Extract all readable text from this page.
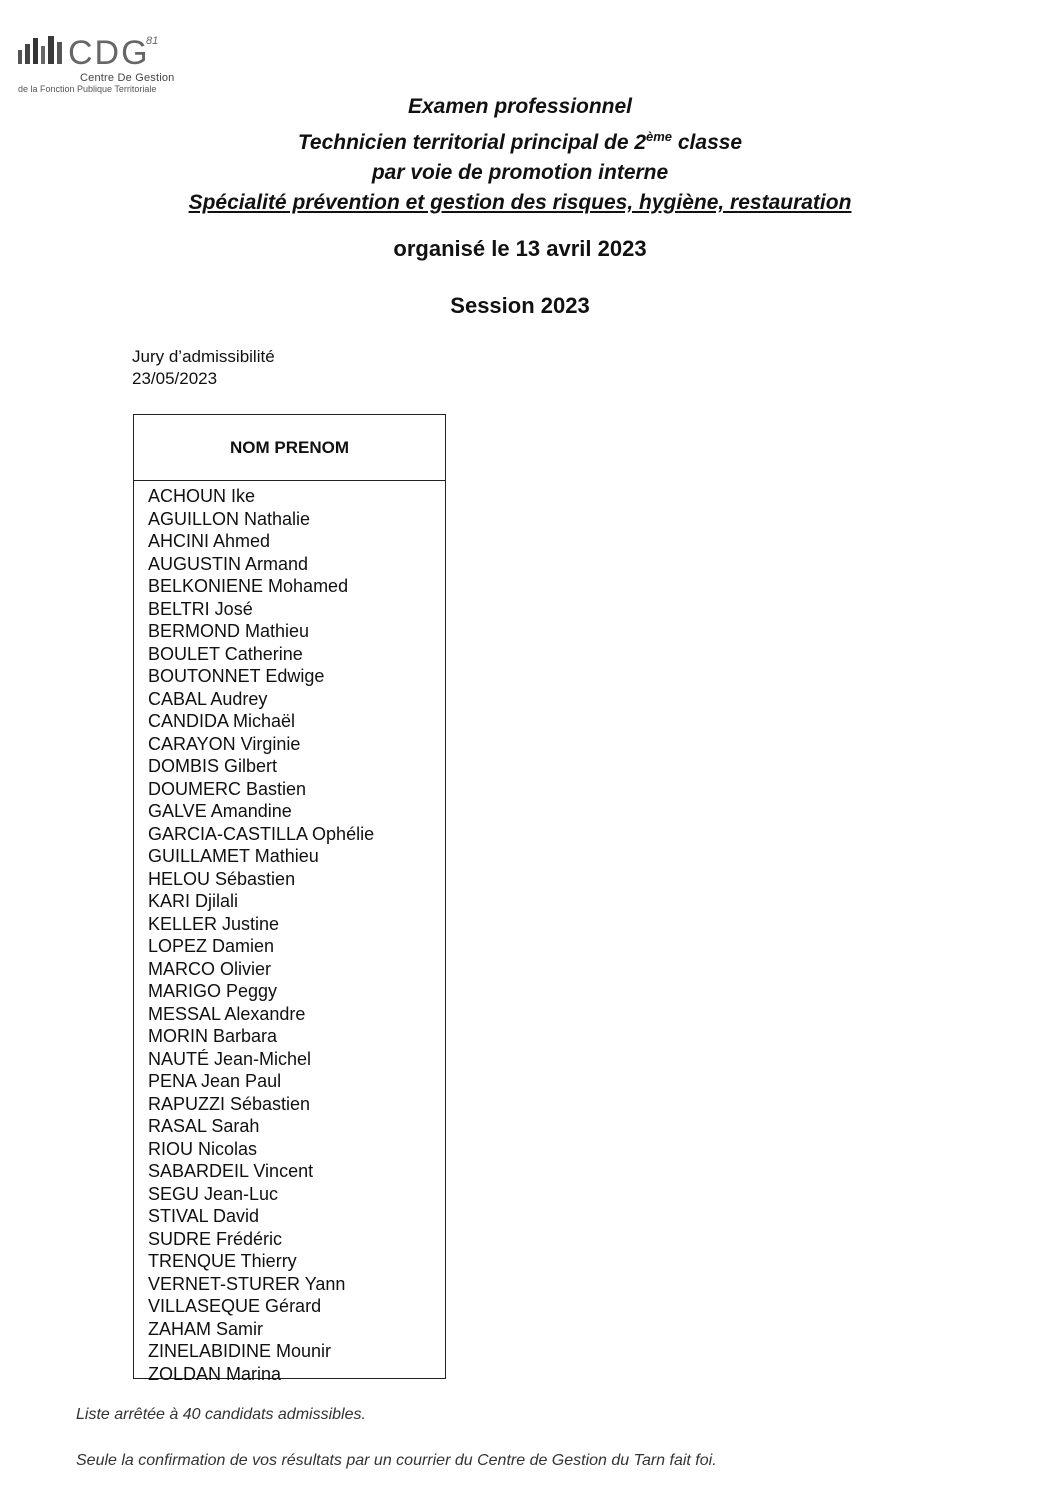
CDG
81
Centre De Gestion
de la Fonction Publique Territoriale
Examen professionnel
Technicien territorial principal de 2ème classe
par voie de promotion interne
Spécialité prévention et gestion des risques, hygiène, restauration
organisé le 13 avril 2023
Session 2023
Jury d’admissibilité
23/05/2023
NOM PRENOM
ACHOUN Ike
AGUILLON Nathalie
AHCINI Ahmed
AUGUSTIN Armand
BELKONIENE Mohamed
BELTRI José
BERMOND Mathieu
BOULET Catherine
BOUTONNET Edwige
CABAL Audrey
CANDIDA Michaël
CARAYON Virginie
DOMBIS Gilbert
DOUMERC Bastien
GALVE Amandine
GARCIA-CASTILLA Ophélie
GUILLAMET Mathieu
HELOU Sébastien
KARI Djilali
KELLER Justine
LOPEZ Damien
MARCO Olivier
MARIGO Peggy
MESSAL Alexandre
MORIN Barbara
NAUTÉ Jean-Michel
PENA Jean Paul
RAPUZZI Sébastien
RASAL Sarah
RIOU Nicolas
SABARDEIL Vincent
SEGU Jean-Luc
STIVAL David
SUDRE Frédéric
TRENQUE Thierry
VERNET-STURER Yann
VILLASEQUE Gérard
ZAHAM Samir
ZINELABIDINE Mounir
ZOLDAN Marina
Liste arrêtée à 40 candidats admissibles.
Seule la confirmation de vos résultats par un courrier du Centre de Gestion du Tarn fait foi.
